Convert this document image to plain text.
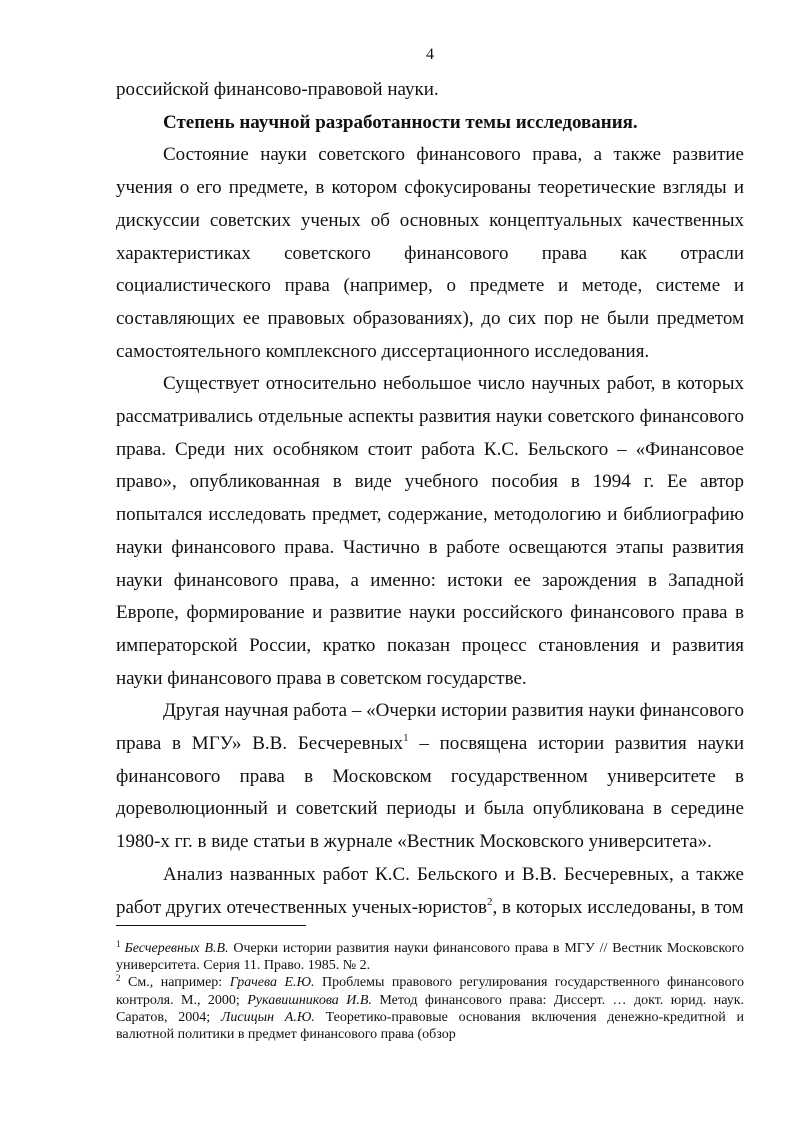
4

российской финансово-правовой науки.

Степень научной разработанности темы исследования.

Состояние науки советского финансового права, а также развитие учения о его предмете, в котором сфокусированы теоретические взгляды и дискуссии советских ученых об основных концептуальных качественных характеристиках советского финансового права как отрасли социалистического права (например, о предмете и методе, системе и составляющих ее правовых образованиях), до сих пор не были предметом самостоятельного комплексного диссертационного исследования.

Существует относительно небольшое число научных работ, в которых рассматривались отдельные аспекты развития науки советского финансового права. Среди них особняком стоит работа К.С. Бельского – «Финансовое право», опубликованная в виде учебного пособия в 1994 г. Ее автор попытался исследовать предмет, содержание, методологию и библиографию науки финансового права. Частично в работе освещаются этапы развития науки финансового права, а именно: истоки ее зарождения в Западной Европе, формирование и развитие науки российского финансового права в императорской России, кратко показан процесс становления и развития науки финансового права в советском государстве.

Другая научная работа – «Очерки истории развития науки финансового права в МГУ» В.В. Бесчеревных$^1$ – посвящена истории развития науки финансового права в Московском государственном университете в дореволюционный и советский периоды и была опубликована в середине 1980-х гг. в виде статьи в журнале «Вестник Московского университета».

Анализ названных работ К.С. Бельского и В.В. Бесчеревных, а также работ других отечественных ученых-юристов$^2$, в которых исследованы, в том

$^1$ Бесчеревных В.В. Очерки истории развития науки финансового права в МГУ // Вестник Московского университета. Серия 11. Право. 1985. № 2.

$^2$ См., например: Грачева Е.Ю. Проблемы правового регулирования государственного финансового контроля. М., 2000; Рукавишникова И.В. Метод финансового права: Диссерт. … докт. юрид. наук. Саратов, 2004; Лисицын А.Ю. Теоретико-правовые основания включения денежно-кредитной и валютной политики в предмет финансового права (обзор
